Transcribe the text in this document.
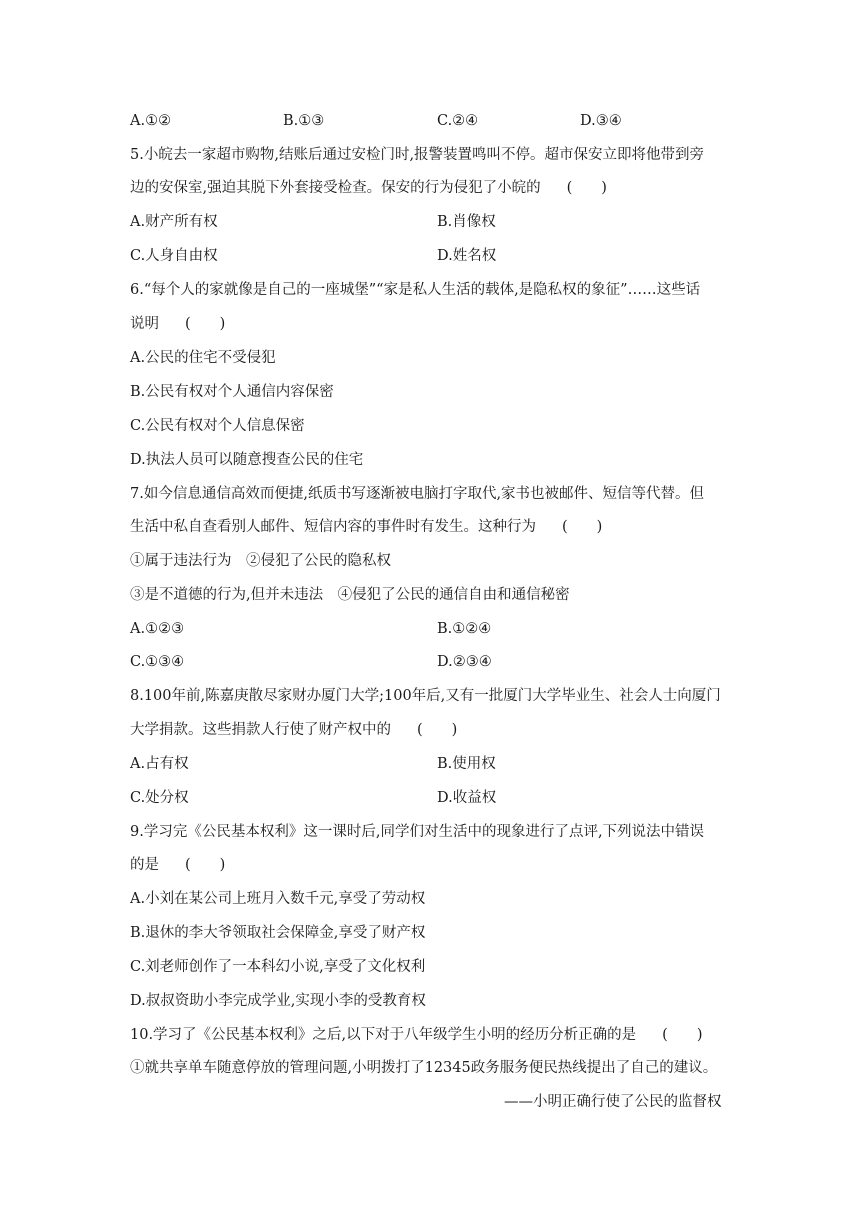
A.①②	B.①③	C.②④	D.③④
5.小皖去一家超市购物,结账后通过安检门时,报警装置鸣叫不停。超市保安立即将他带到旁
边的安保室,强迫其脱下外套接受检查。保安的行为侵犯了小皖的 (　　)
A.财产所有权	B.肖像权
C.人身自由权	D.姓名权
6.“每个人的家就像是自己的一座城堡”“家是私人生活的载体,是隐私权的象征”……这些话
说明 (　　)
A.公民的住宅不受侵犯
B.公民有权对个人通信内容保密
C.公民有权对个人信息保密
D.执法人员可以随意搜查公民的住宅
7.如今信息通信高效而便捷,纸质书写逐渐被电脑打字取代,家书也被邮件、短信等代替。但
生活中私自查看别人邮件、短信内容的事件时有发生。这种行为 (　　)
①属于违法行为　②侵犯了公民的隐私权
③是不道德的行为,但并未违法　④侵犯了公民的通信自由和通信秘密
A.①②③	B.①②④
C.①③④	D.②③④
8.100年前,陈嘉庚散尽家财办厦门大学;100年后,又有一批厦门大学毕业生、社会人士向厦门
大学捐款。这些捐款人行使了财产权中的 (　　)
A.占有权	B.使用权
C.处分权	D.收益权
9.学习完《公民基本权利》这一课时后,同学们对生活中的现象进行了点评,下列说法中错误
的是 (　　)
A.小刘在某公司上班月入数千元,享受了劳动权
B.退休的李大爷领取社会保障金,享受了财产权
C.刘老师创作了一本科幻小说,享受了文化权利
D.叔叔资助小李完成学业,实现小李的受教育权
10.学习了《公民基本权利》之后,以下对于八年级学生小明的经历分析正确的是 (　　)
①就共享单车随意停放的管理问题,小明拨打了12345政务服务便民热线提出了自己的建议。
——小明正确行使了公民的监督权
